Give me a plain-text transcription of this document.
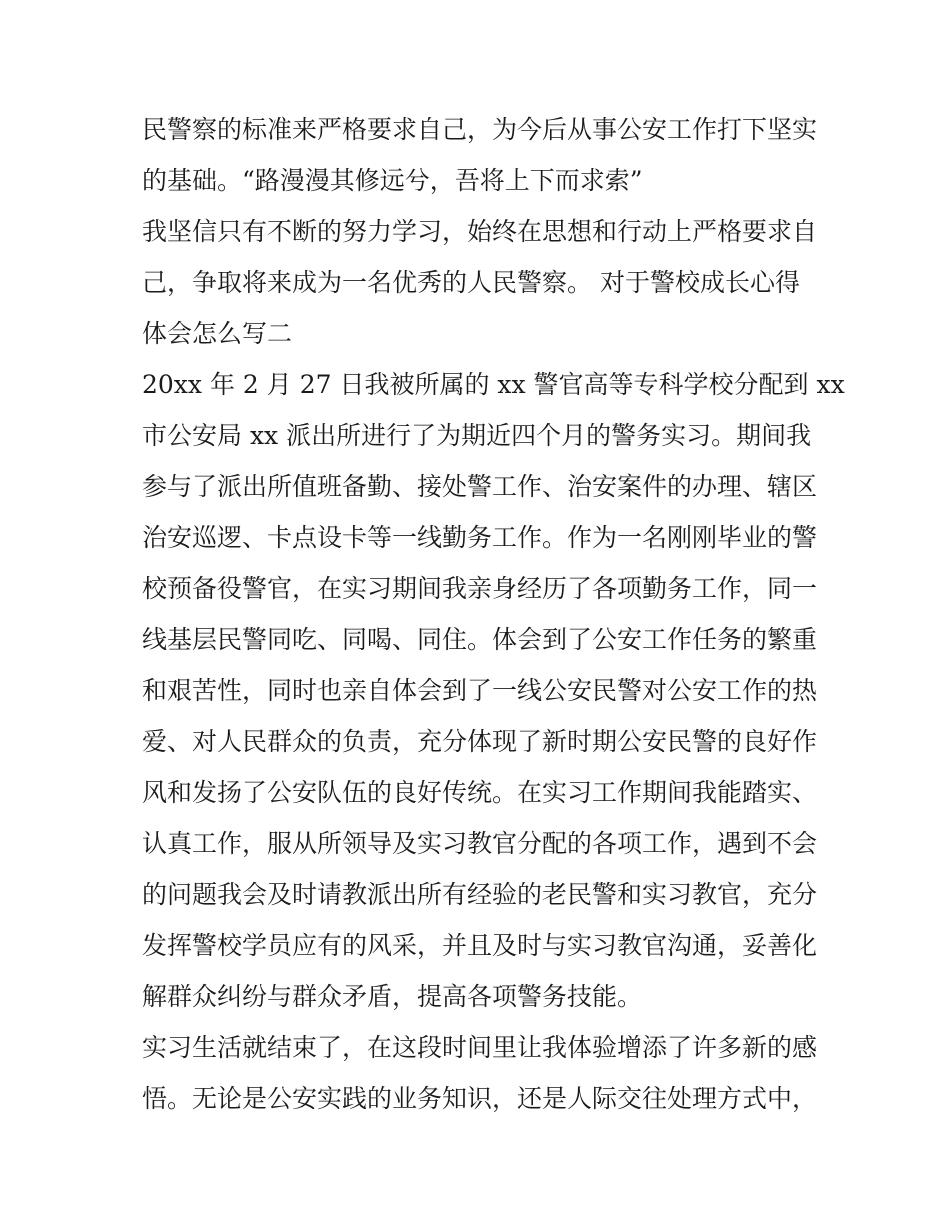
民警察的标准来严格要求自己，为今后从事公安工作打下坚实
的基础。“路漫漫其修远兮，吾将上下而求索”
我坚信只有不断的努力学习，始终在思想和行动上严格要求自
己，争取将来成为一名优秀的人民警察。 对于警校成长心得
体会怎么写二
20xx 年 2 月 27 日我被所属的 xx 警官高等专科学校分配到 xx
市公安局 xx 派出所进行了为期近四个月的警务实习。期间我
参与了派出所值班备勤、接处警工作、治安案件的办理、辖区
治安巡逻、卡点设卡等一线勤务工作。作为一名刚刚毕业的警
校预备役警官，在实习期间我亲身经历了各项勤务工作，同一
线基层民警同吃、同喝、同住。体会到了公安工作任务的繁重
和艰苦性，同时也亲自体会到了一线公安民警对公安工作的热
爱、对人民群众的负责，充分体现了新时期公安民警的良好作
风和发扬了公安队伍的良好传统。在实习工作期间我能踏实、
认真工作，服从所领导及实习教官分配的各项工作，遇到不会
的问题我会及时请教派出所有经验的老民警和实习教官，充分
发挥警校学员应有的风采，并且及时与实习教官沟通，妥善化
解群众纠纷与群众矛盾，提高各项警务技能。
实习生活就结束了，在这段时间里让我体验增添了许多新的感
悟。无论是公安实践的业务知识，还是人际交往处理方式中，
